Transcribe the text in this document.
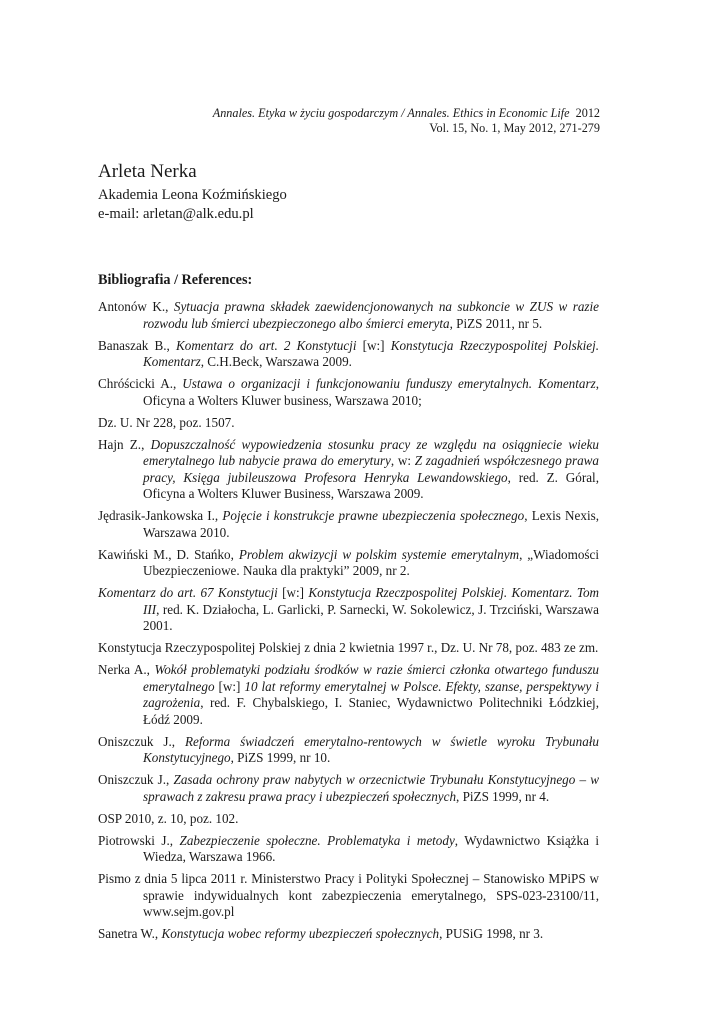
Annales. Etyka w życiu gospodarczym / Annales. Ethics in Economic Life 2012
Vol. 15, No. 1, May 2012, 271-279
Arleta Nerka
Akademia Leona Koźmińskiego
e-mail: arletan@alk.edu.pl
Bibliografia / References:
Antonów K., Sytuacja prawna składek zaewidencjonowanych na subkoncie w ZUS w razie rozwodu lub śmierci ubezpieczonego albo śmierci emeryta, PiZS 2011, nr 5.
Banaszak B., Komentarz do art. 2 Konstytucji [w:] Konstytucja Rzeczypospolitej Polskiej. Komentarz, C.H.Beck, Warszawa 2009.
Chróścicki A., Ustawa o organizacji i funkcjonowaniu funduszy emerytalnych. Komentarz, Oficyna a Wolters Kluwer business, Warszawa 2010;
Dz. U. Nr 228, poz. 1507.
Hajn Z., Dopuszczalność wypowiedzenia stosunku pracy ze względu na osiągniecie wieku emerytalnego lub nabycie prawa do emerytury, w: Z zagadnień współczesnego prawa pracy, Księga jubileuszowa Profesora Henryka Lewandowskiego, red. Z. Góral, Oficyna a Wolters Kluwer Business, Warszawa 2009.
Jędrasik-Jankowska I., Pojęcie i konstrukcje prawne ubezpieczenia społecznego, Lexis Nexis, Warszawa 2010.
Kawiński M., D. Stańko, Problem akwizycji w polskim systemie emerytalnym, „Wiadomości Ubezpieczeniowe. Nauka dla praktyki” 2009, nr 2.
Komentarz do art. 67 Konstytucji [w:] Konstytucja Rzeczpospolitej Polskiej. Komentarz. Tom III, red. K. Działocha, L. Garlicki, P. Sarnecki, W. Sokolewicz, J. Trzciński, Warszawa 2001.
Konstytucja Rzeczypospolitej Polskiej z dnia 2 kwietnia 1997 r., Dz. U. Nr 78, poz. 483 ze zm.
Nerka A., Wokół problematyki podziału środków w razie śmierci członka otwartego funduszu emerytalnego [w:] 10 lat reformy emerytalnej w Polsce. Efekty, szanse, perspektywy i zagrożenia, red. F. Chybalskiego, I. Staniec, Wydawnictwo Politechniki Łódzkiej, Łódź 2009.
Oniszczuk J., Reforma świadczeń emerytalno-rentowych w świetle wyroku Trybunału Konstytucyjnego, PiZS 1999, nr 10.
Oniszczuk J., Zasada ochrony praw nabytych w orzecnictwie Trybunału Konstytucyjnego – w sprawach z zakresu prawa pracy i ubezpieczeń społecznych, PiZS 1999, nr 4.
OSP 2010, z. 10, poz. 102.
Piotrowski J., Zabezpieczenie społeczne. Problematyka i metody, Wydawnictwo Książka i Wiedza, Warszawa 1966.
Pismo z dnia 5 lipca 2011 r. Ministerstwo Pracy i Polityki Społecznej – Stanowisko MPiPS w sprawie indywidualnych kont zabezpieczenia emerytalnego, SPS-023-23100/11, www.sejm.gov.pl
Sanetra W., Konstytucja wobec reformy ubezpieczeń społecznych, PUSiG 1998, nr 3.
